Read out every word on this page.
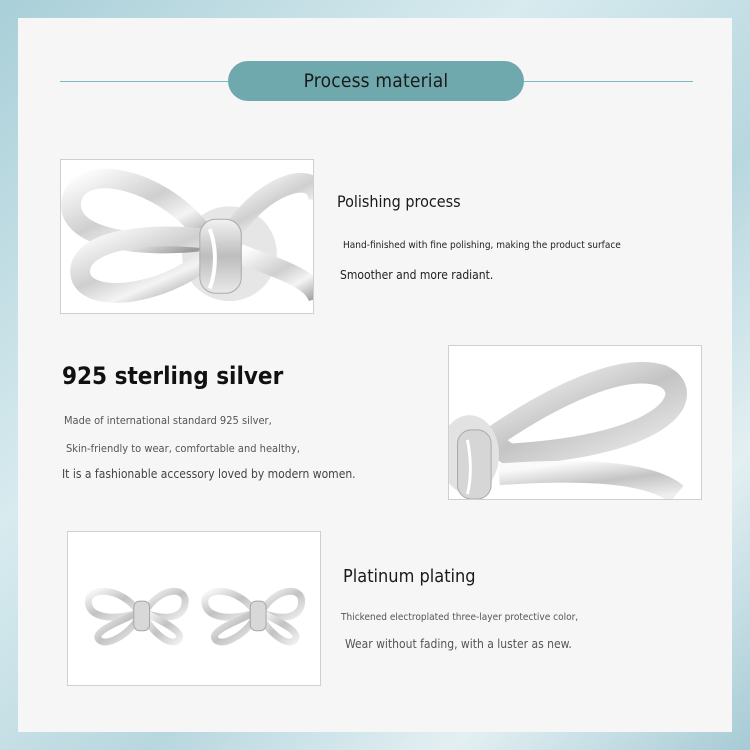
Process material
Polishing process
Hand-finished with fine polishing, making the product surface
Smoother and more radiant.
925 sterling silver
Made of international standard 925 silver,
Skin-friendly to wear, comfortable and healthy,
It is a fashionable accessory loved by modern women.
Platinum plating
Thickened electroplated three-layer protective color,
Wear without fading, with a luster as new.
